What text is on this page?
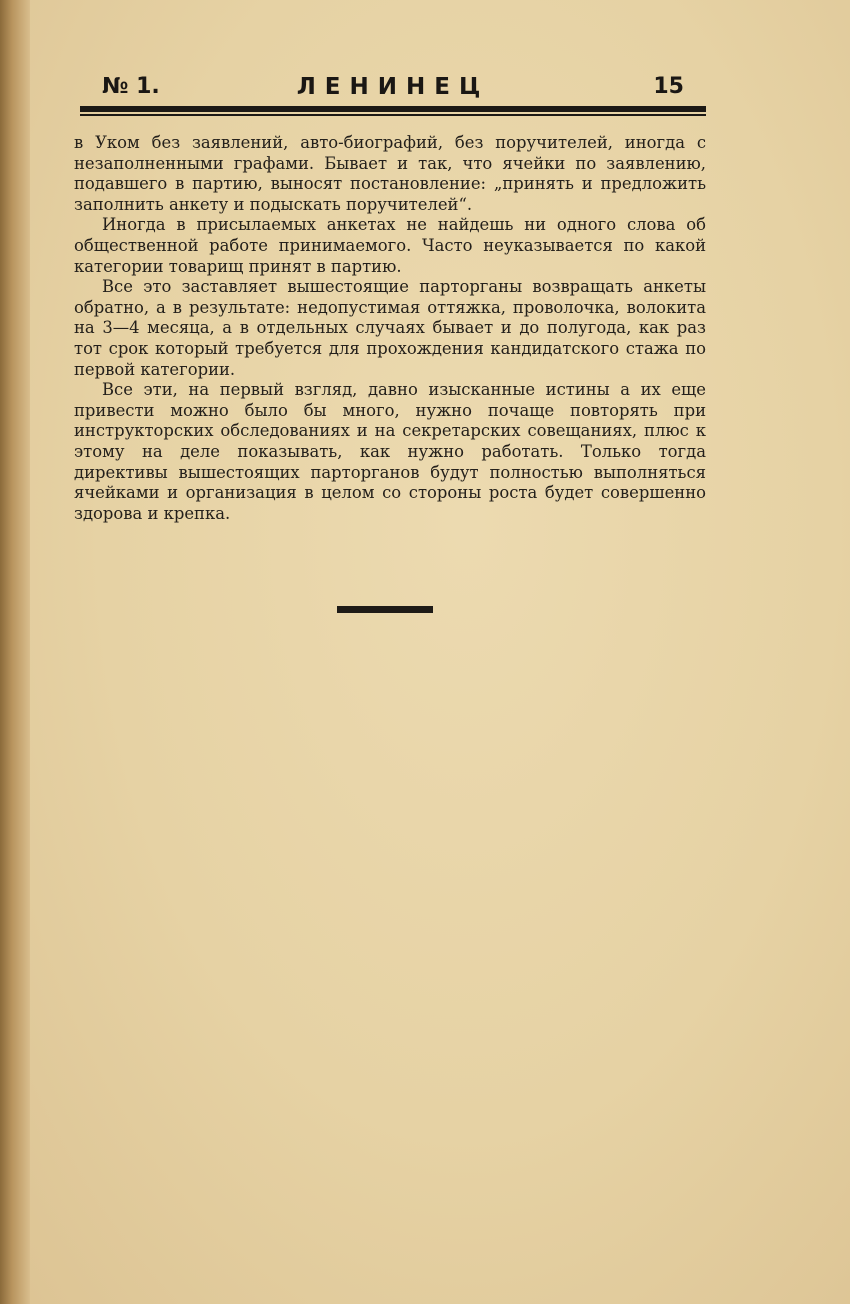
№ 1.	ЛЕНИНЕЦ	15

в Уком без заявлений, авто-биографий, без поручителей, иногда с незаполненными графами. Бывает и так, что ячейки по заявлению, подавшего в партию, выносят постановление: „принять и предложить заполнить анкету и подыскать поручителей“.

Иногда в присылаемых анкетах не найдешь ни одного слова об общественной работе принимаемого. Часто неуказывается по какой категории товарищ принят в партию.

Все это заставляет вышестоящие парторганы возвращать анкеты обратно, а в результате: недопустимая оттяжка, проволочка, волокита на 3—4 месяца, а в отдельных случаях бывает и до полугода, как раз тот срок который требуется для прохождения кандидатского стажа по первой категории.

Все эти, на первый взгляд, давно изысканные истины а их еще привести можно было бы много, нужно почаще повторять при инструкторских обследованиях и на секретарских совещаниях, плюс к этому на деле показывать, как нужно работать. Только тогда директивы вышестоящих парторганов будут полностью выполняться ячейками и организация в целом со стороны роста будет совершенно здорова и крепка.
